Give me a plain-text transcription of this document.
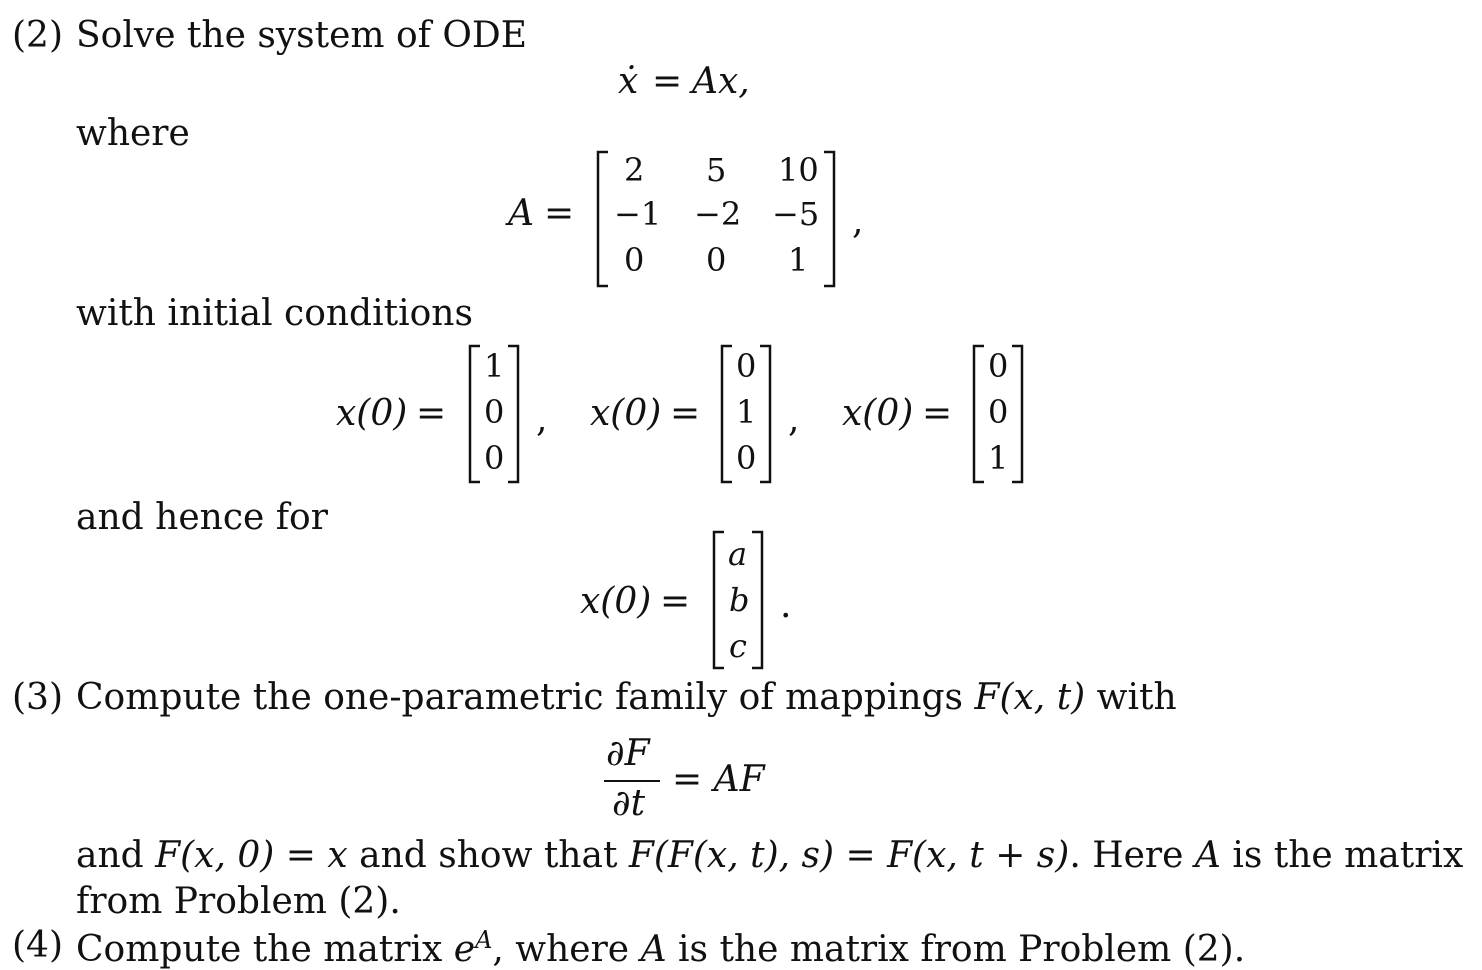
(2) Solve the system of ODE
ẋ = Ax,
where
A =
2 5 10
−1 −2 −5
0 0 1
,
with initial conditions
x(0) =
1
0
0
, x(0) =
0
1
0
, x(0) =
0
0
1
and hence for
x(0) =
a
b
c
.
(3) Compute the one-parametric family of mappings F(x, t) with
∂F
∂t
= AF
and F(x, 0) = x and show that F(F(x, t), s) = F(x, t + s). Here A is the matrix
from Problem (2).
(4) Compute the matrix $e^A$, where A is the matrix from Problem (2).
